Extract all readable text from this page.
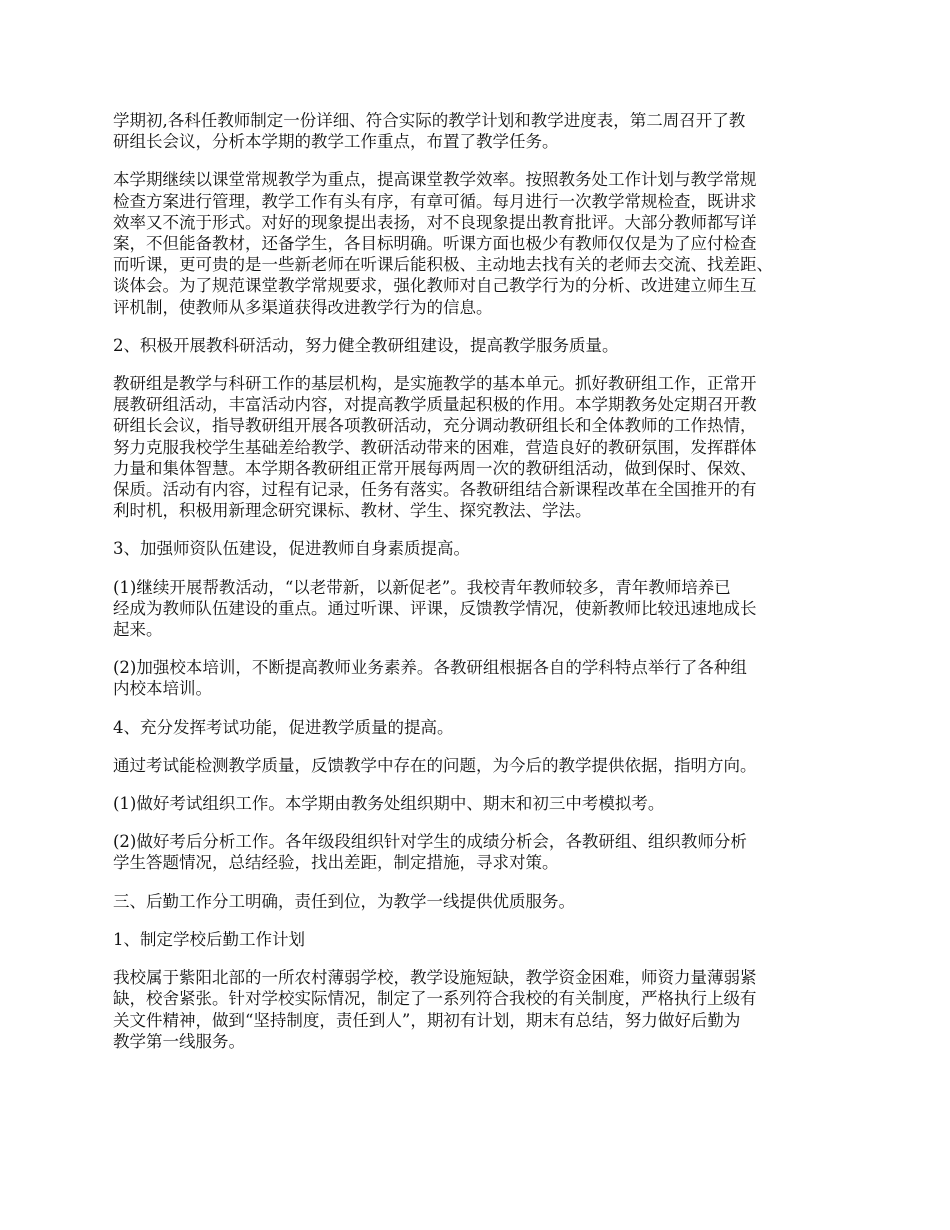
学期初,各科任教师制定一份详细、符合实际的教学计划和教学进度表，第二周召开了教
研组长会议，分析本学期的教学工作重点，布置了教学任务。

本学期继续以课堂常规教学为重点，提高课堂教学效率。按照教务处工作计划与教学常规
检查方案进行管理，教学工作有头有序，有章可循。每月进行一次教学常规检查，既讲求
效率又不流于形式。对好的现象提出表扬，对不良现象提出教育批评。大部分教师都写详
案，不但能备教材，还备学生，各目标明确。听课方面也极少有教师仅仅是为了应付检查
而听课，更可贵的是一些新老师在听课后能积极、主动地去找有关的老师去交流、找差距、
谈体会。为了规范课堂教学常规要求，强化教师对自己教学行为的分析、改进建立师生互
评机制，使教师从多渠道获得改进教学行为的信息。

2、积极开展教科研活动，努力健全教研组建设，提高教学服务质量。

教研组是教学与科研工作的基层机构，是实施教学的基本单元。抓好教研组工作，正常开
展教研组活动，丰富活动内容，对提高教学质量起积极的作用。本学期教务处定期召开教
研组长会议，指导教研组开展各项教研活动，充分调动教研组长和全体教师的工作热情，
努力克服我校学生基础差给教学、教研活动带来的困难，营造良好的教研氛围，发挥群体
力量和集体智慧。本学期各教研组正常开展每两周一次的教研组活动，做到保时、保效、
保质。活动有内容，过程有记录，任务有落实。各教研组结合新课程改革在全国推开的有
利时机，积极用新理念研究课标、教材、学生、探究教法、学法。

3、加强师资队伍建设，促进教师自身素质提高。

(1)继续开展帮教活动，“以老带新，以新促老”。我校青年教师较多，青年教师培养已
经成为教师队伍建设的重点。通过听课、评课，反馈教学情况，使新教师比较迅速地成长
起来。

(2)加强校本培训，不断提高教师业务素养。各教研组根据各自的学科特点举行了各种组
内校本培训。

4、充分发挥考试功能，促进教学质量的提高。

通过考试能检测教学质量，反馈教学中存在的问题，为今后的教学提供依据，指明方向。

(1)做好考试组织工作。本学期由教务处组织期中、期末和初三中考模拟考。

(2)做好考后分析工作。各年级段组织针对学生的成绩分析会，各教研组、组织教师分析
学生答题情况，总结经验，找出差距，制定措施，寻求对策。

三、后勤工作分工明确，责任到位，为教学一线提供优质服务。

1、制定学校后勤工作计划

我校属于紫阳北部的一所农村薄弱学校，教学设施短缺，教学资金困难，师资力量薄弱紧
缺，校舍紧张。针对学校实际情况，制定了一系列符合我校的有关制度，严格执行上级有
关文件精神，做到“坚持制度，责任到人”，期初有计划，期末有总结，努力做好后勤为
教学第一线服务。
